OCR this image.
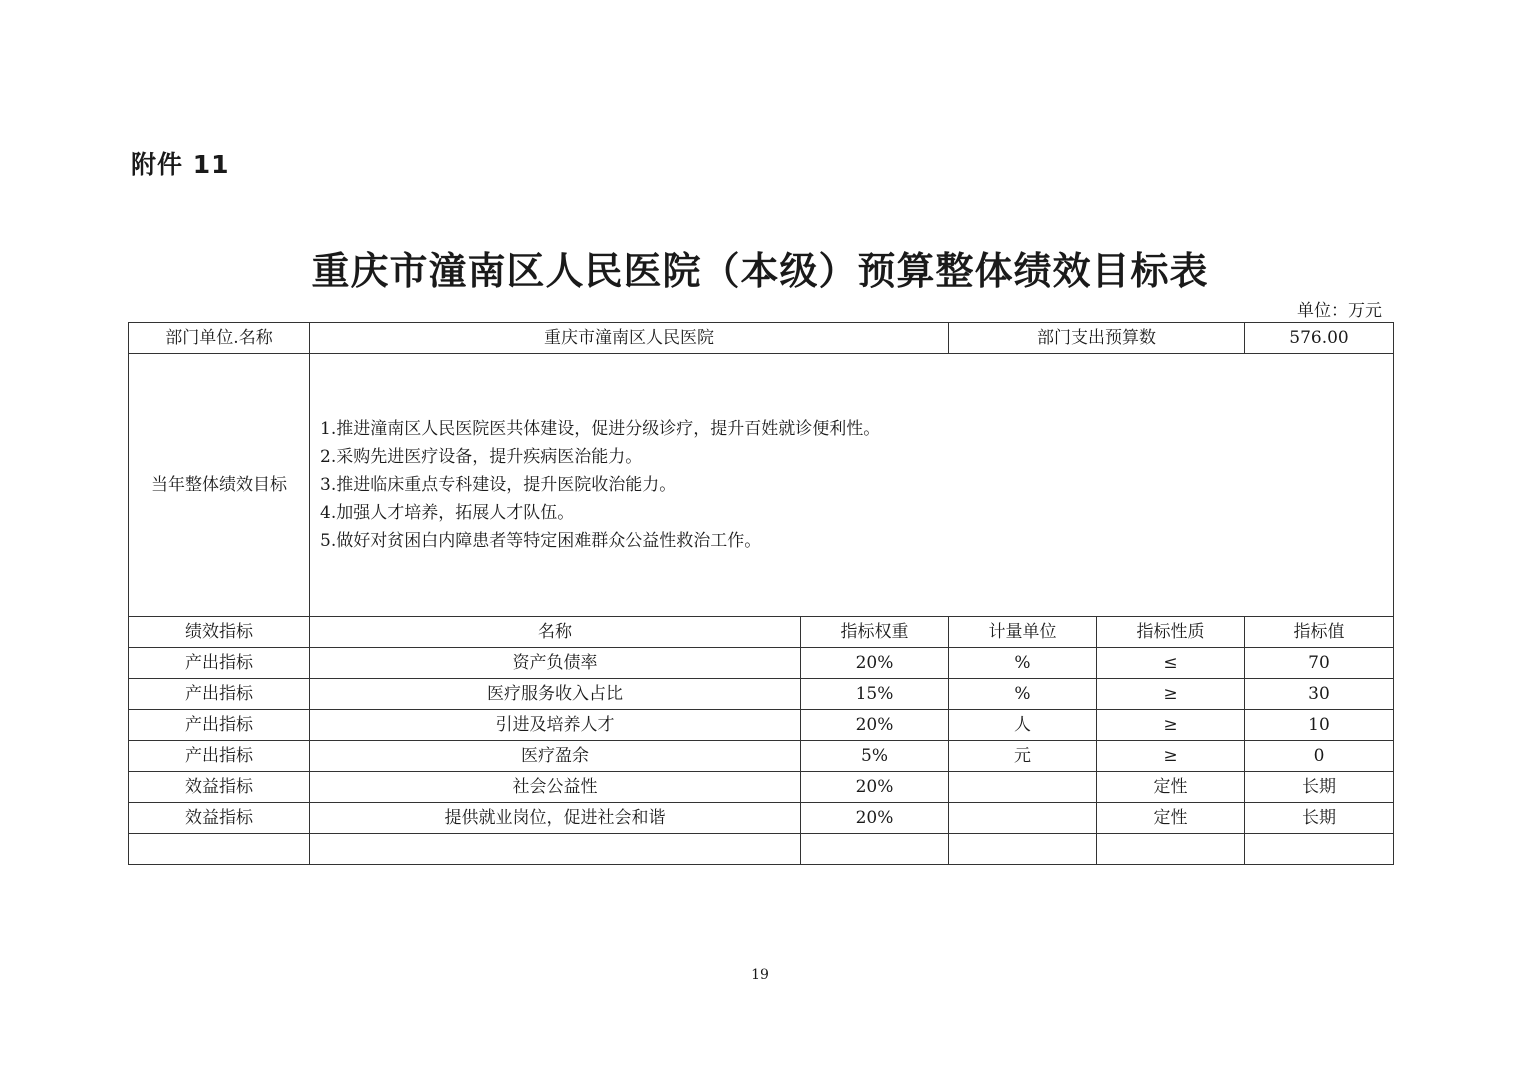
附件 11
重庆市潼南区人民医院（本级）预算整体绩效目标表
单位：万元
部门单位.名称	重庆市潼南区人民医院		部门支出预算数		576.00
当年整体绩效目标	1.推进潼南区人民医院医共体建设，促进分级诊疗，提升百姓就诊便利性。
2.采购先进医疗设备，提升疾病医治能力。
3.推进临床重点专科建设，提升医院收治能力。
4.加强人才培养，拓展人才队伍。
5.做好对贫困白内障患者等特定困难群众公益性救治工作。				

绩效指标	名称	指标权重	计量单位	指标性质	指标值
产出指标	资产负债率	20%	%	≤	70
产出指标	医疗服务收入占比	15%	%	≥	30
产出指标	引进及培养人才	20%	人	≥	10
产出指标	医疗盈余	5%	元	≥	0
效益指标	社会公益性	20%		定性	长期
效益指标	提供就业岗位，促进社会和谐	20%		定性	长期

19
